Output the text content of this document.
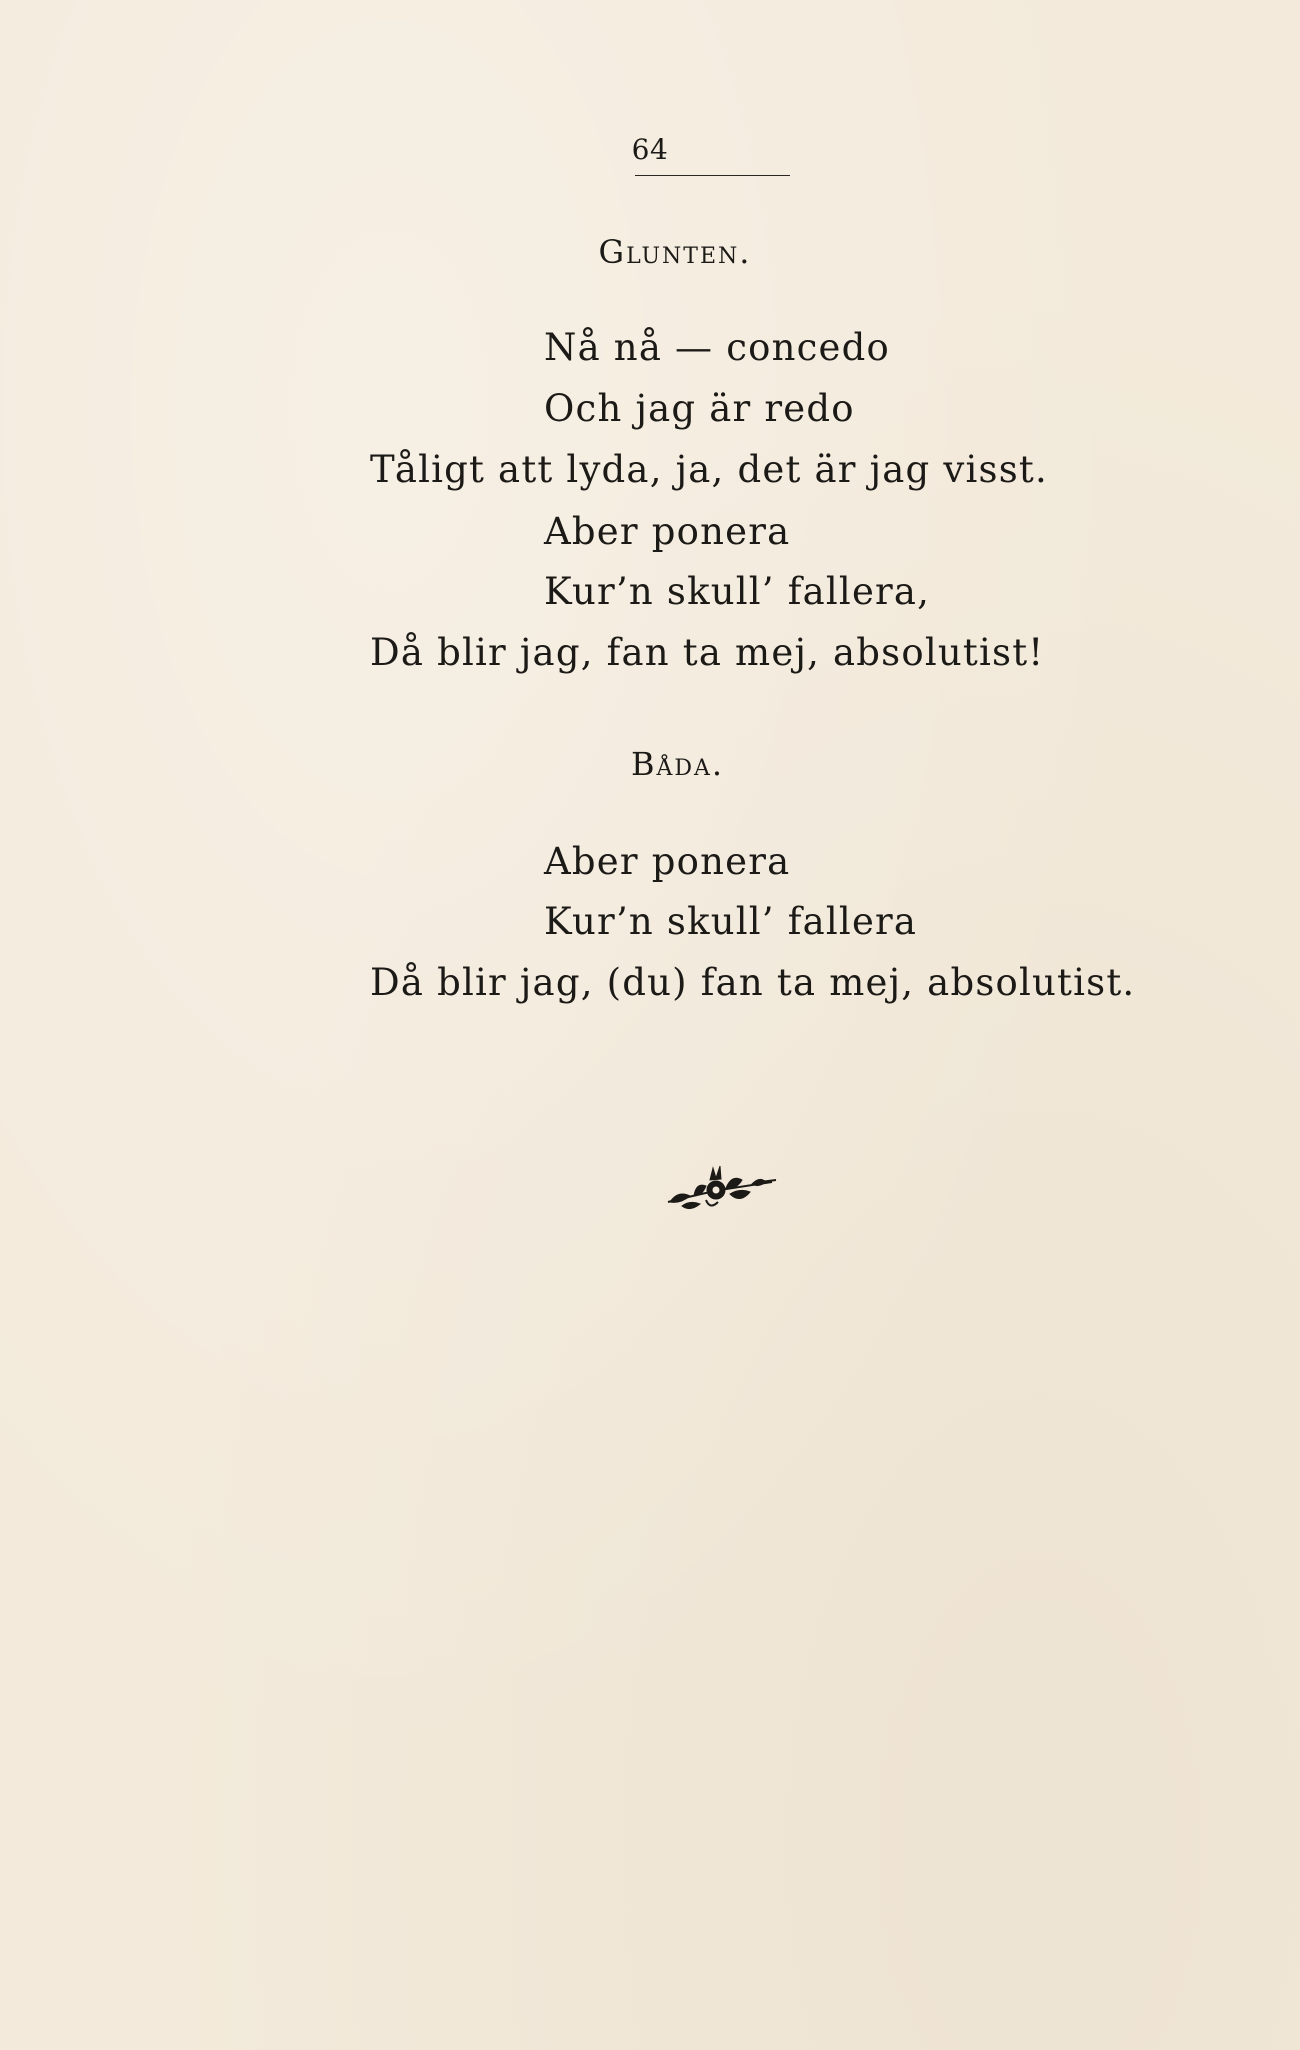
64
Glunten.
Nå nå — concedo
Och jag är redo
Tåligt att lyda, ja, det är jag visst.
Aber ponera
Kur’n skull’ fallera,
Då blir jag, fan ta mej, absolutist!
Båda.
Aber ponera
Kur’n skull’ fallera
Då blir jag, (du) fan ta mej, absolutist.
